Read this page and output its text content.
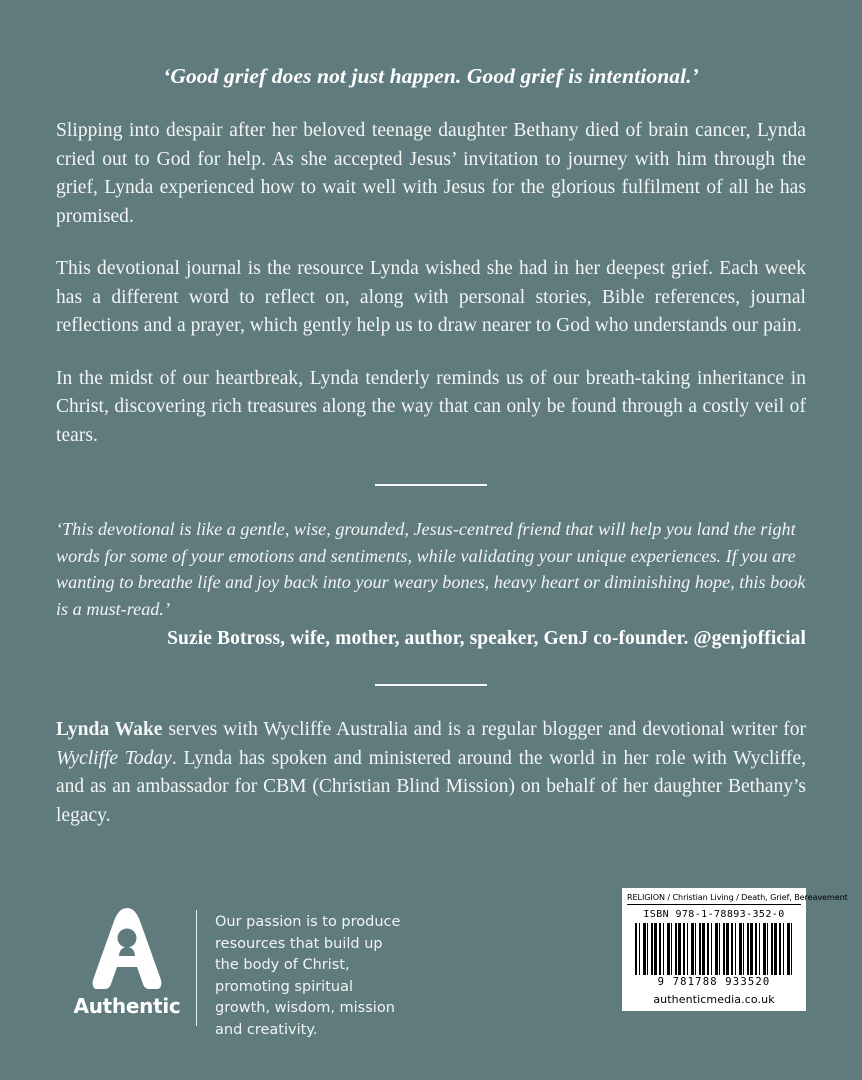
‘Good grief does not just happen. Good grief is intentional.’

Slipping into despair after her beloved teenage daughter Bethany died of brain cancer, Lynda cried out to God for help. As she accepted Jesus’ invitation to journey with him through the grief, Lynda experienced how to wait well with Jesus for the glorious fulfilment of all he has promised.

This devotional journal is the resource Lynda wished she had in her deepest grief. Each week has a different word to reflect on, along with personal stories, Bible references, journal reflections and a prayer, which gently help us to draw nearer to God who understands our pain.

In the midst of our heartbreak, Lynda tenderly reminds us of our breath-taking inheritance in Christ, discovering rich treasures along the way that can only be found through a costly veil of tears.

‘This devotional is like a gentle, wise, grounded, Jesus-centred friend that will help you land the right words for some of your emotions and sentiments, while validating your unique experiences. If you are wanting to breathe life and joy back into your weary bones, heavy heart or diminishing hope, this book is a must-read.’

Suzie Botross, wife, mother, author, speaker, GenJ co-founder. @genjofficial

Lynda Wake serves with Wycliffe Australia and is a regular blogger and devotional writer for Wycliffe Today. Lynda has spoken and ministered around the world in her role with Wycliffe, and as an ambassador for CBM (Christian Blind Mission) on behalf of her daughter Bethany’s legacy.

Authentic
Our passion is to produce resources that build up the body of Christ, promoting spiritual growth, wisdom, mission and creativity.
RELIGION / Christian Living / Death, Grief, Bereavement
ISBN 978-1-78893-352-0
9 781788 933520
authenticmedia.co.uk
